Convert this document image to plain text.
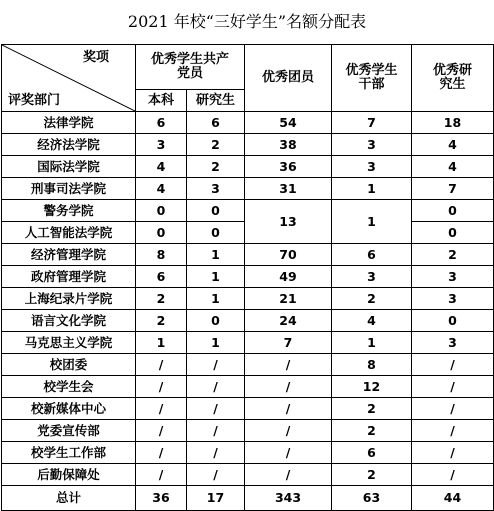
2021 年校“三好学生”名额分配表
奖项
评奖部门	优秀学生共产党员		优秀团员	优秀学生干部	优秀研究生
	本科	研究生			
法律学院	6	6	54	7	18
经济法学院	3	2	38	3	4
国际法学院	4	2	36	3	4
刑事司法学院	4	3	31	1	7
警务学院	0	0	13	1	0
人工智能法学院	0	0			0
经济管理学院	8	1	70	6	2
政府管理学院	6	1	49	3	3
上海纪录片学院	2	1	21	2	3
语言文化学院	2	0	24	4	0
马克思主义学院	1	1	7	1	3
校团委	/	/	/	8	/
校学生会	/	/	/	12	/
校新媒体中心	/	/	/	2	/
党委宣传部	/	/	/	2	/
校学生工作部	/	/	/	6	/
后勤保障处	/	/	/	2	/
总计	36	17	343	63	44
